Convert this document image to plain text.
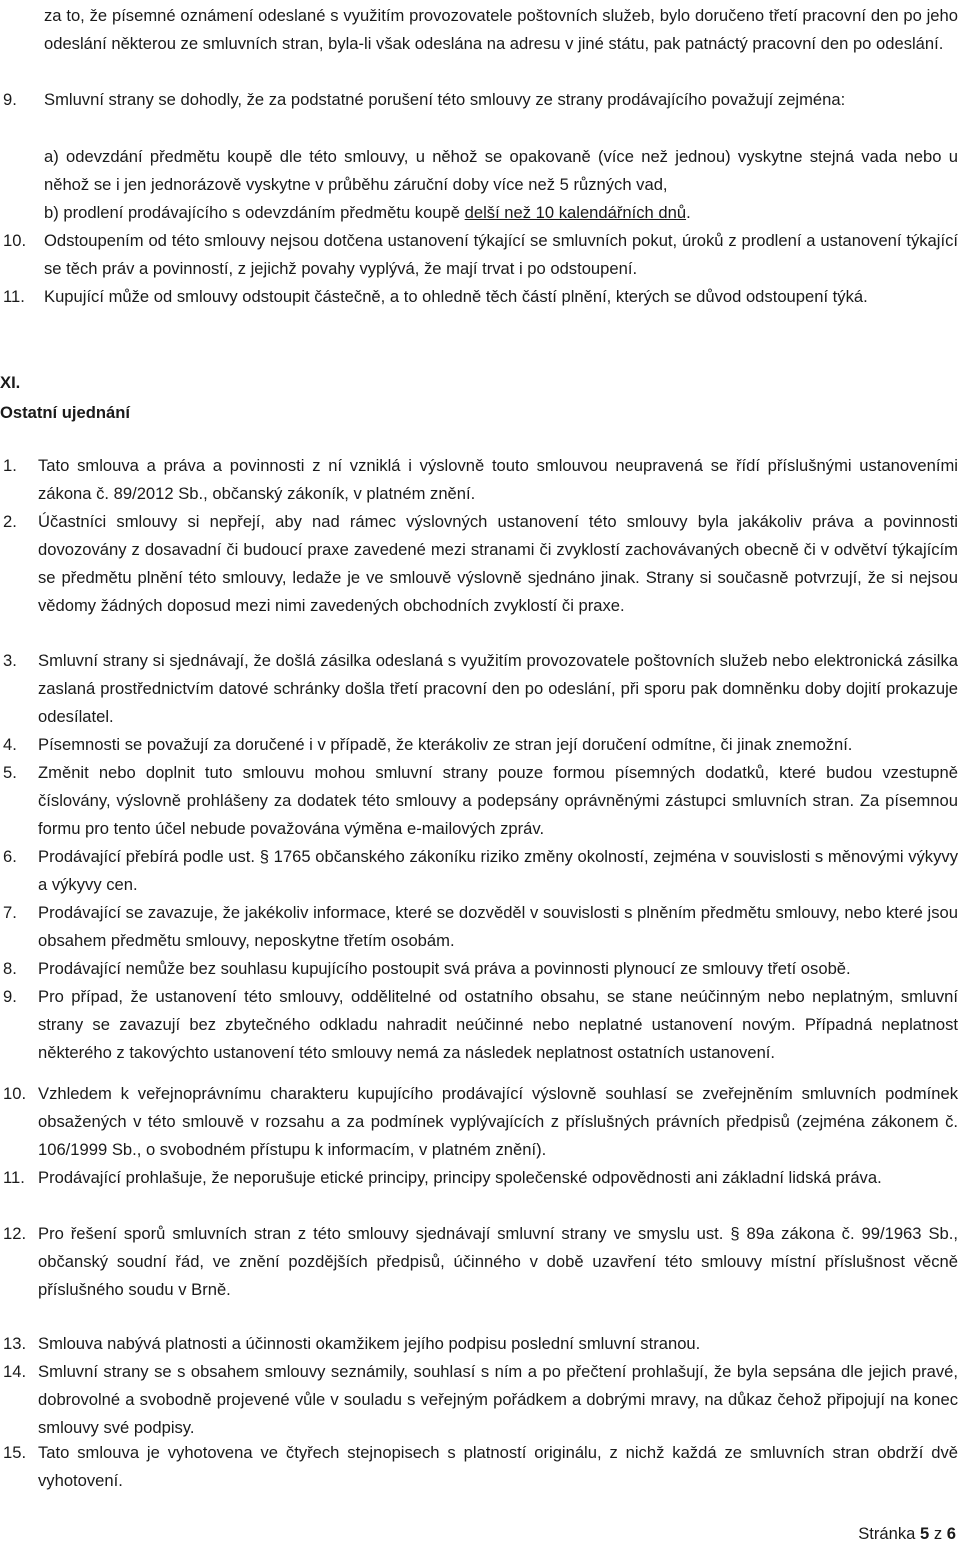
za to, že písemné oznámení odeslané s využitím provozovatele poštovních služeb, bylo doručeno třetí pracovní den po jeho odeslání některou ze smluvních stran, byla-li však odeslána na adresu v jiné státu, pak patnáctý pracovní den po odeslání.

9. Smluvní strany se dohodly, že za podstatné porušení této smlouvy ze strany prodávajícího považují zejména:

a) odevzdání předmětu koupě dle této smlouvy, u něhož se opakovaně (více než jednou) vyskytne stejná vada nebo u něhož se i jen jednorázově vyskytne v průběhu záruční doby více než 5 různých vad,

b) prodlení prodávajícího s odevzdáním předmětu koupě delší než 10 kalendářních dnů.

10. Odstoupením od této smlouvy nejsou dotčena ustanovení týkající se smluvních pokut, úroků z prodlení a ustanovení týkající se těch práv a povinností, z jejichž povahy vyplývá, že mají trvat i po odstoupení.

11. Kupující může od smlouvy odstoupit částečně, a to ohledně těch částí plnění, kterých se důvod odstoupení týká.

XI.
Ostatní ujednání
1. Tato smlouva a práva a povinnosti z ní vzniklá i výslovně touto smlouvou neupravená se řídí příslušnými ustanoveními zákona č. 89/2012 Sb., občanský zákoník, v platném znění.

2. Účastníci smlouvy si nepřejí, aby nad rámec výslovných ustanovení této smlouvy byla jakákoliv práva a povinnosti dovozovány z dosavadní či budoucí praxe zavedené mezi stranami či zvyklostí zachovávaných obecně či v odvětví týkajícím se předmětu plnění této smlouvy, ledaže je ve smlouvě výslovně sjednáno jinak. Strany si současně potvrzují, že si nejsou vědomy žádných doposud mezi nimi zavedených obchodních zvyklostí či praxe.

3. Smluvní strany si sjednávají, že došlá zásilka odeslaná s využitím provozovatele poštovních služeb nebo elektronická zásilka zaslaná prostřednictvím datové schránky došla třetí pracovní den po odeslání, při sporu pak domněnku doby dojití prokazuje odesílatel.

4. Písemnosti se považují za doručené i v případě, že kterákoliv ze stran její doručení odmítne, či jinak znemožní.

5. Změnit nebo doplnit tuto smlouvu mohou smluvní strany pouze formou písemných dodatků, které budou vzestupně číslovány, výslovně prohlášeny za dodatek této smlouvy a podepsány oprávněnými zástupci smluvních stran. Za písemnou formu pro tento účel nebude považována výměna e-mailových zpráv.

6. Prodávající přebírá podle ust. § 1765 občanského zákoníku riziko změny okolností, zejména v souvislosti s měnovými výkyvy a výkyvy cen.

7. Prodávající se zavazuje, že jakékoliv informace, které se dozvěděl v souvislosti s plněním předmětu smlouvy, nebo které jsou obsahem předmětu smlouvy, neposkytne třetím osobám.

8. Prodávající nemůže bez souhlasu kupujícího postoupit svá práva a povinnosti plynoucí ze smlouvy třetí osobě.

9. Pro případ, že ustanovení této smlouvy, oddělitelné od ostatního obsahu, se stane neúčinným nebo neplatným, smluvní strany se zavazují bez zbytečného odkladu nahradit neúčinné nebo neplatné ustanovení novým. Případná neplatnost některého z takovýchto ustanovení této smlouvy nemá za následek neplatnost ostatních ustanovení.

10. Vzhledem k veřejnoprávnímu charakteru kupujícího prodávající výslovně souhlasí se zveřejněním smluvních podmínek obsažených v této smlouvě v rozsahu a za podmínek vyplývajících z příslušných právních předpisů (zejména zákonem č. 106/1999 Sb., o svobodném přístupu k informacím, v platném znění).

11. Prodávající prohlašuje, že neporušuje etické principy, principy společenské odpovědnosti ani základní lidská práva.

12. Pro řešení sporů smluvních stran z této smlouvy sjednávají smluvní strany ve smyslu ust. § 89a zákona č. 99/1963 Sb., občanský soudní řád, ve znění pozdějších předpisů, účinného v době uzavření této smlouvy místní příslušnost věcně příslušného soudu v Brně.

13. Smlouva nabývá platnosti a účinnosti okamžikem jejího podpisu poslední smluvní stranou.

14. Smluvní strany se s obsahem smlouvy seznámily, souhlasí s ním a po přečtení prohlašují, že byla sepsána dle jejich pravé, dobrovolné a svobodně projevené vůle v souladu s veřejným pořádkem a dobrými mravy, na důkaz čehož připojují na konec smlouvy své podpisy.

15. Tato smlouva je vyhotovena ve čtyřech stejnopisech s platností originálu, z nichž každá ze smluvních stran obdrží dvě vyhotovení.

Stránka 5 z 6
